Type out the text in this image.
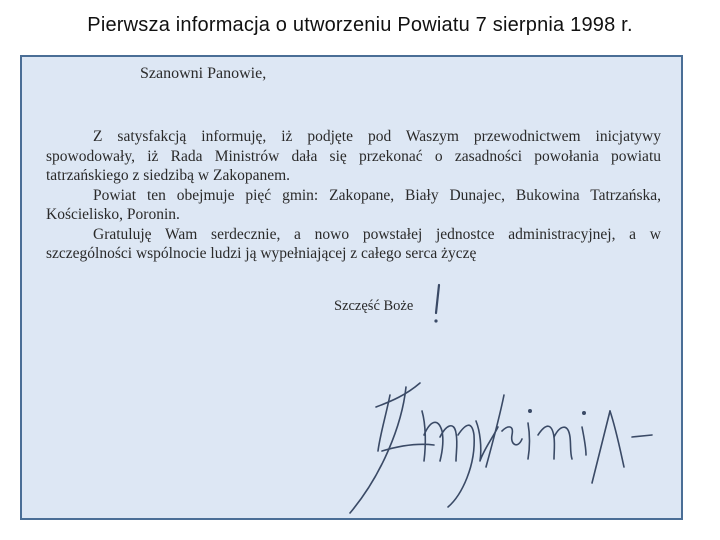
Pierwsza informacja o utworzeniu Powiatu 7 sierpnia 1998 r.
Szanowni Panowie,

Z satysfakcją informuję, iż podjęte pod Waszym przewodnictwem inicjatywy spowodowały, iż Rada Ministrów dała się przekonać o zasadności powołania powiatu tatrzańskiego z siedzibą w Zakopanem.

Powiat ten obejmuje pięć gmin: Zakopane, Biały Dunajec, Bukowina Tatrzańska, Kościelisko, Poronin.

Gratuluję Wam serdecznie, a nowo powstałej jednostce administracyjnej, a w szczególności wspólnocie ludzi ją wypełniającej z całego serca życzę

Szczęść Boże
